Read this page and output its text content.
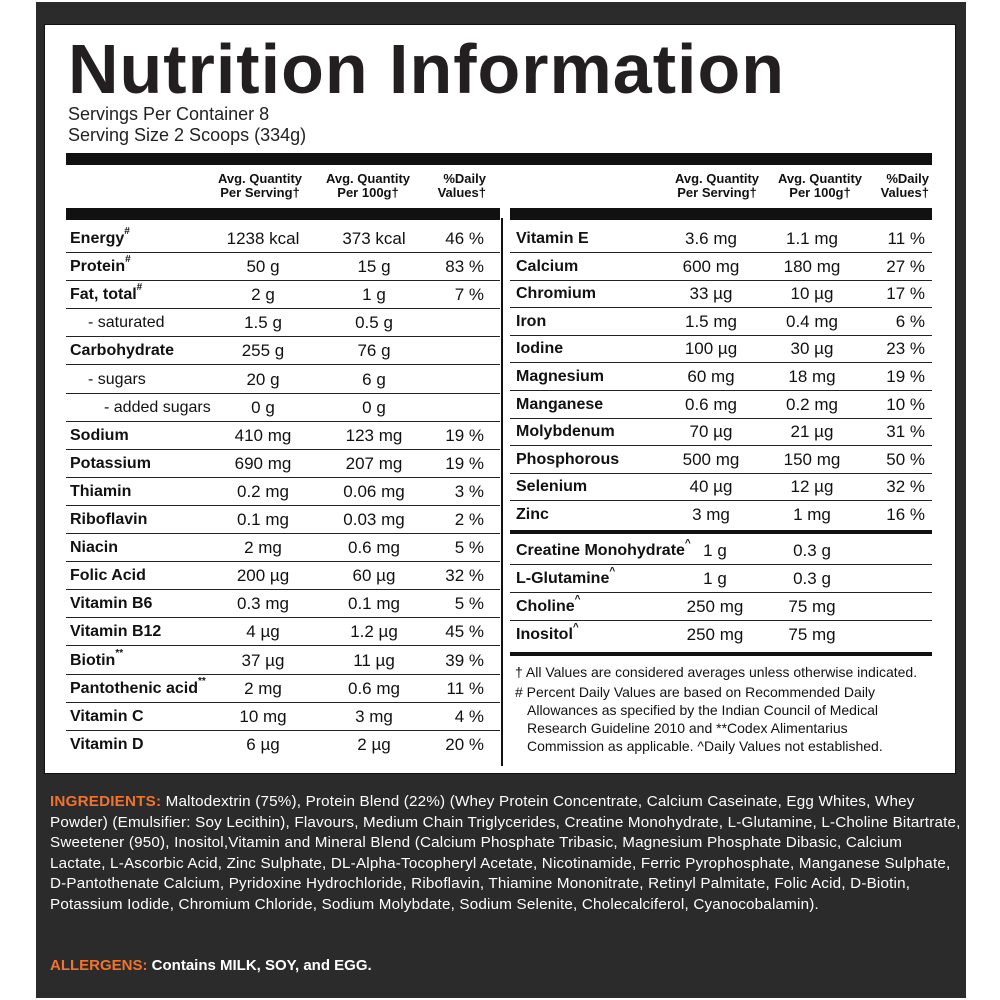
Nutrition Information
Servings Per Container 8
Serving Size 2 Scoops (334g)
Avg. Quantity
Per Serving†
Avg. Quantity
Per 100g†
%Daily
Values†
Avg. Quantity
Per Serving†
Avg. Quantity
Per 100g†
%Daily
Values†
Energy#	1238 kcal	373 kcal	46 %
Protein#	50 g	15 g	83 %
Fat, total#	2 g	1 g	7 %
- saturated	1.5 g	0.5 g
Carbohydrate	255 g	76 g
- sugars	20 g	6 g
- added sugars	0 g	0 g
Sodium	410 mg	123 mg	19 %
Potassium	690 mg	207 mg	19 %
Thiamin	0.2 mg	0.06 mg	3 %
Riboflavin	0.1 mg	0.03 mg	2 %
Niacin	2 mg	0.6 mg	5 %
Folic Acid	200 µg	60 µg	32 %
Vitamin B6	0.3 mg	0.1 mg	5 %
Vitamin B12	4 µg	1.2 µg	45 %
Biotin**	37 µg	11 µg	39 %
Pantothenic acid**	2 mg	0.6 mg	11 %
Vitamin C	10 mg	3 mg	4 %
Vitamin D	6 µg	2 µg	20 %
Vitamin E	3.6 mg	1.1 mg	11 %
Calcium	600 mg	180 mg	27 %
Chromium	33 µg	10 µg	17 %
Iron	1.5 mg	0.4 mg	6 %
Iodine	100 µg	30 µg	23 %
Magnesium	60 mg	18 mg	19 %
Manganese	0.6 mg	0.2 mg	10 %
Molybdenum	70 µg	21 µg	31 %
Phosphorous	500 mg	150 mg	50 %
Selenium	40 µg	12 µg	32 %
Zinc	3 mg	1 mg	16 %
Creatine Monohydrate^ 1 g	0.3 g
L-Glutamine^	1 g	0.3 g
Choline^	250 mg	75 mg
Inositol^	250 mg	75 mg
† All Values are considered averages unless otherwise indicated.
# Percent Daily Values are based on Recommended Daily
Allowances as specified by the Indian Council of Medical
Research Guideline 2010 and **Codex Alimentarius
Commission as applicable. ^Daily Values not established.
INGREDIENTS: Maltodextrin (75%), Protein Blend (22%) (Whey Protein Concentrate, Calcium Caseinate, Egg Whites, Whey Powder) (Emulsifier: Soy Lecithin), Flavours, Medium Chain Triglycerides, Creatine Monohydrate, L-Glutamine, L-Choline Bitartrate, Sweetener (950), Inositol,Vitamin and Mineral Blend (Calcium Phosphate Tribasic, Magnesium Phosphate Dibasic, Calcium Lactate, L-Ascorbic Acid, Zinc Sulphate, DL-Alpha-Tocopheryl Acetate, Nicotinamide, Ferric Pyrophosphate, Manganese Sulphate, D-Pantothenate Calcium, Pyridoxine Hydrochloride, Riboflavin, Thiamine Mononitrate, Retinyl Palmitate, Folic Acid, D-Biotin, Potassium Iodide, Chromium Chloride, Sodium Molybdate, Sodium Selenite, Cholecalciferol, Cyanocobalamin).
ALLERGENS: Contains MILK, SOY, and EGG.
